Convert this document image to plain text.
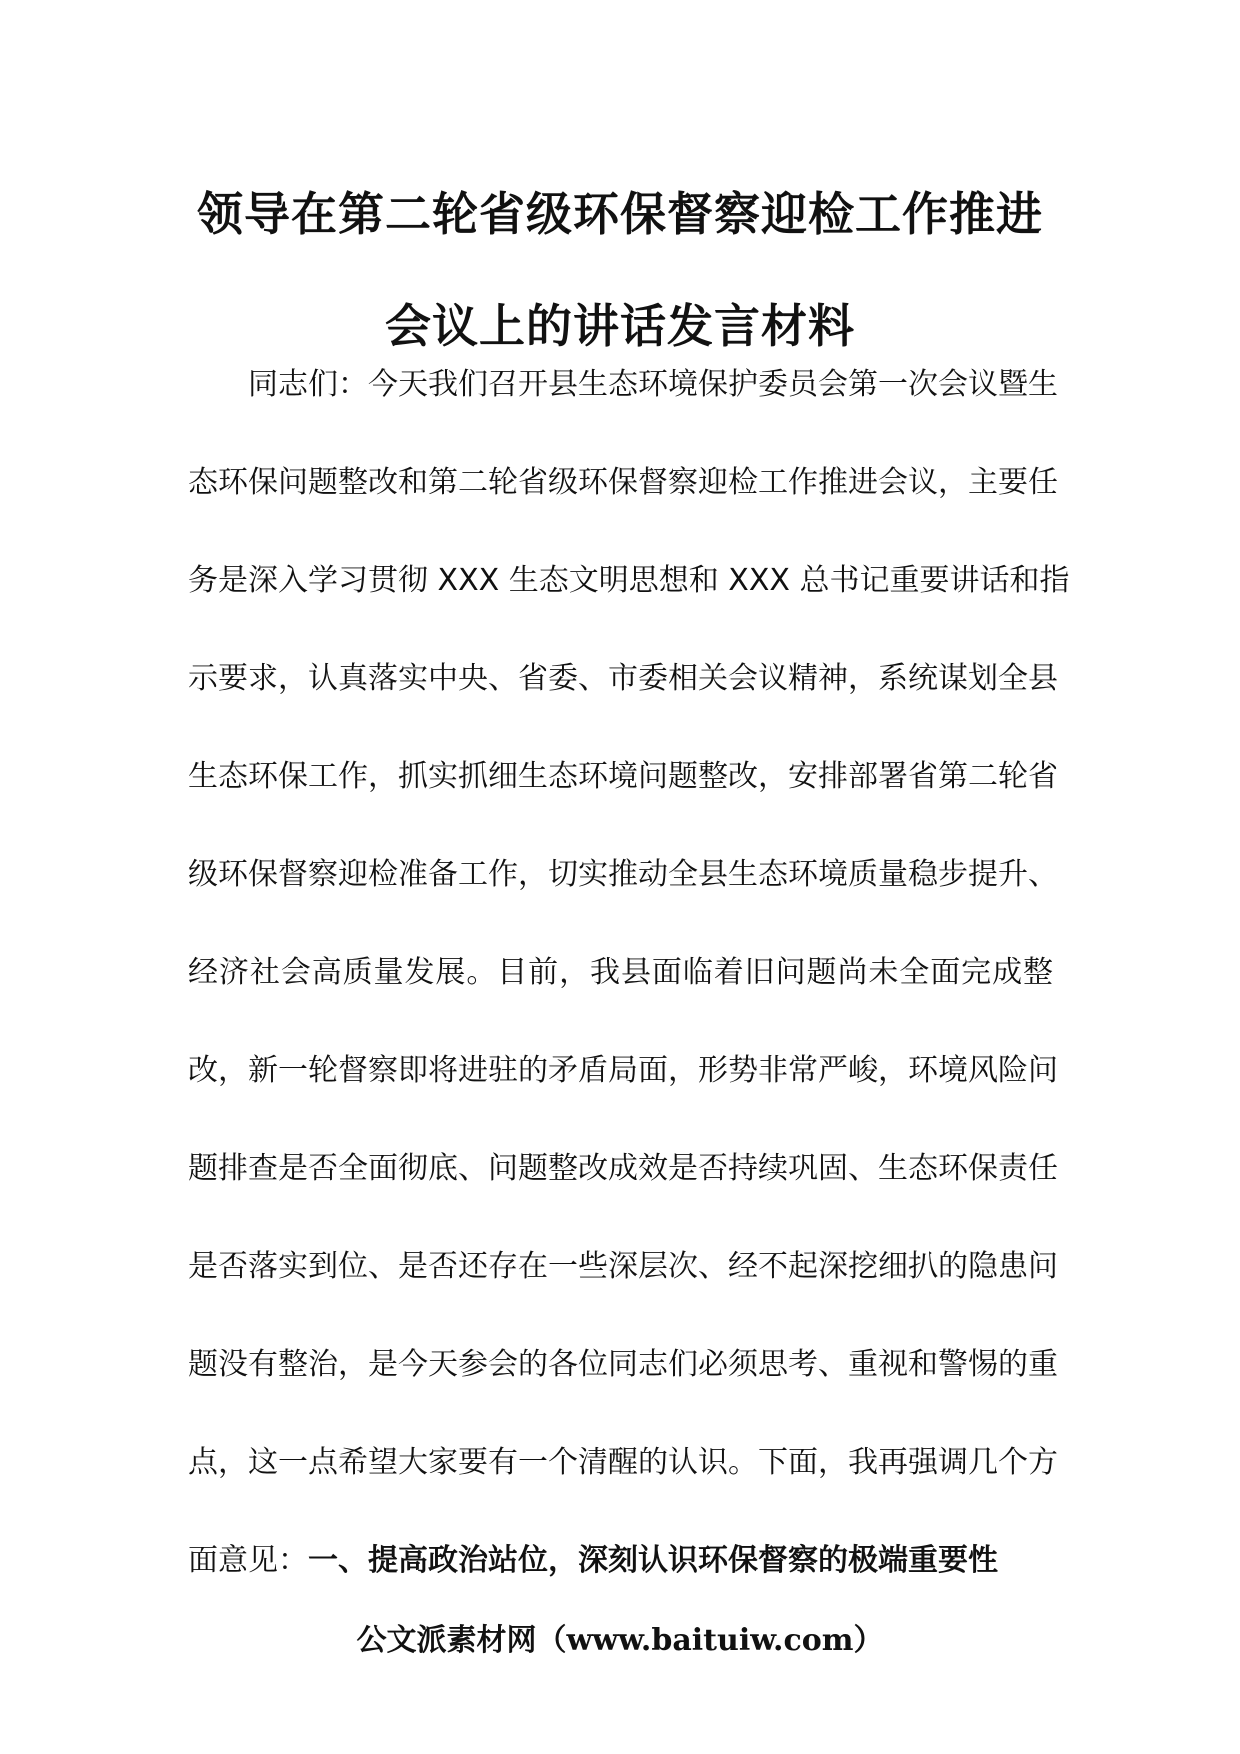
领导在第二轮省级环保督察迎检工作推进
会议上的讲话发言材料
同志们：今天我们召开县生态环境保护委员会第一次会议暨生
态环保问题整改和第二轮省级环保督察迎检工作推进会议，主要任
务是深入学习贯彻 XXX 生态文明思想和 XXX 总书记重要讲话和指
示要求，认真落实中央、省委、市委相关会议精神，系统谋划全县
生态环保工作，抓实抓细生态环境问题整改，安排部署省第二轮省
级环保督察迎检准备工作，切实推动全县生态环境质量稳步提升、
经济社会高质量发展。目前，我县面临着旧问题尚未全面完成整
改，新一轮督察即将进驻的矛盾局面，形势非常严峻，环境风险问
题排查是否全面彻底、问题整改成效是否持续巩固、生态环保责任
是否落实到位、是否还存在一些深层次、经不起深挖细扒的隐患问
题没有整治，是今天参会的各位同志们必须思考、重视和警惕的重
点，这一点希望大家要有一个清醒的认识。下面，我再强调几个方
面意见：一、提高政治站位，深刻认识环保督察的极端重要性
公文派素材网（www.baituiw.com）
